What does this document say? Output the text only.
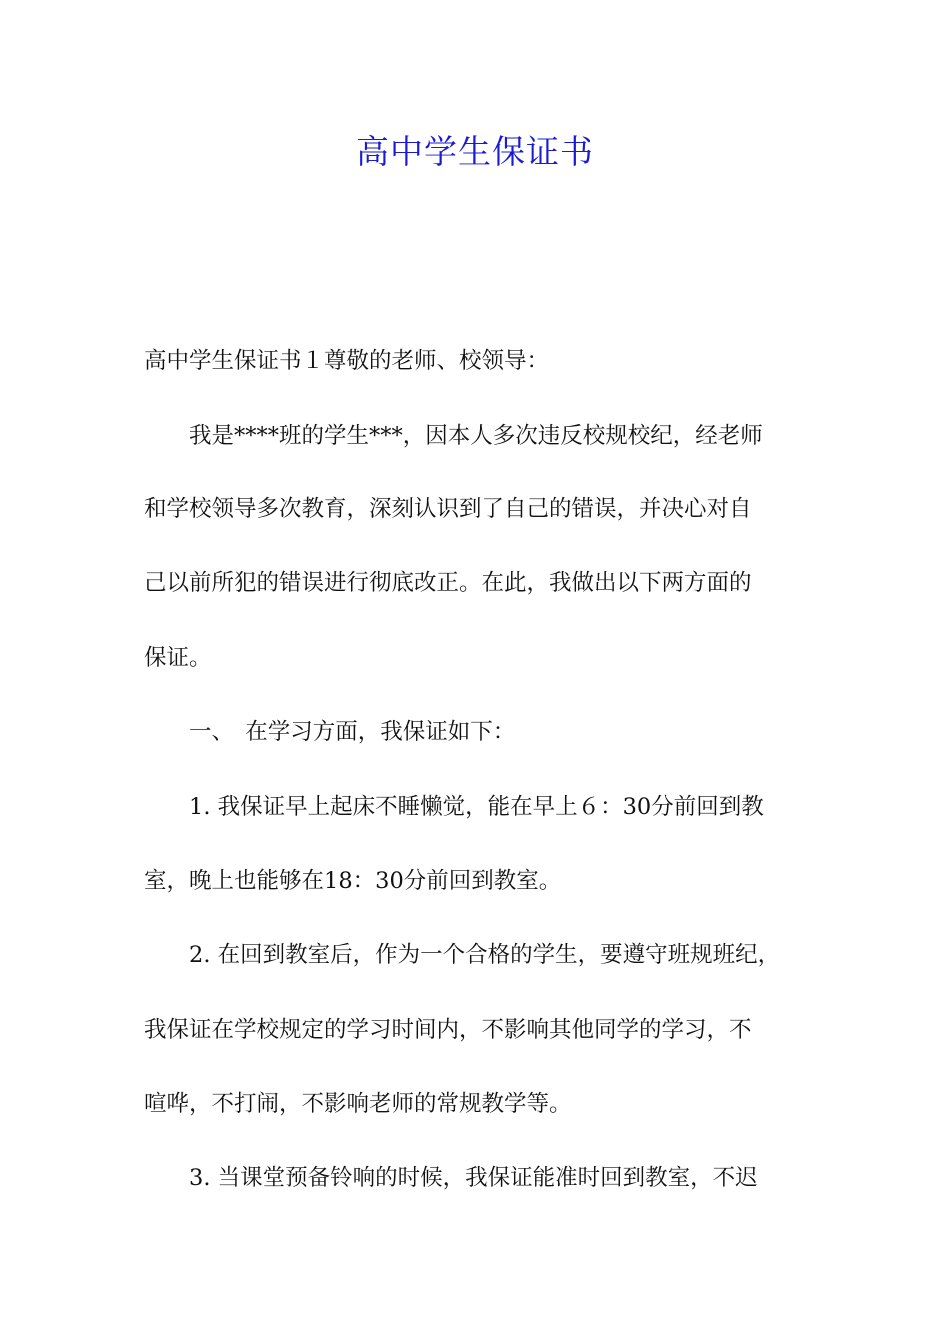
高中学生保证书
高中学生保证书１尊敬的老师、校领导：
　　我是****班的学生***，因本人多次违反校规校纪，经老师
和学校领导多次教育，深刻认识到了自己的错误，并决心对自
己以前所犯的错误进行彻底改正。在此，我做出以下两方面的
保证。
　　一、　在学习方面，我保证如下：
　　1. 我保证早上起床不睡懒觉，能在早上６：30分前回到教
室，晚上也能够在18：30分前回到教室。
　　2. 在回到教室后，作为一个合格的学生，要遵守班规班纪，
我保证在学校规定的学习时间内，不影响其他同学的学习，不
喧哗，不打闹，不影响老师的常规教学等。
　　3. 当课堂预备铃响的时候，我保证能准时回到教室，不迟
